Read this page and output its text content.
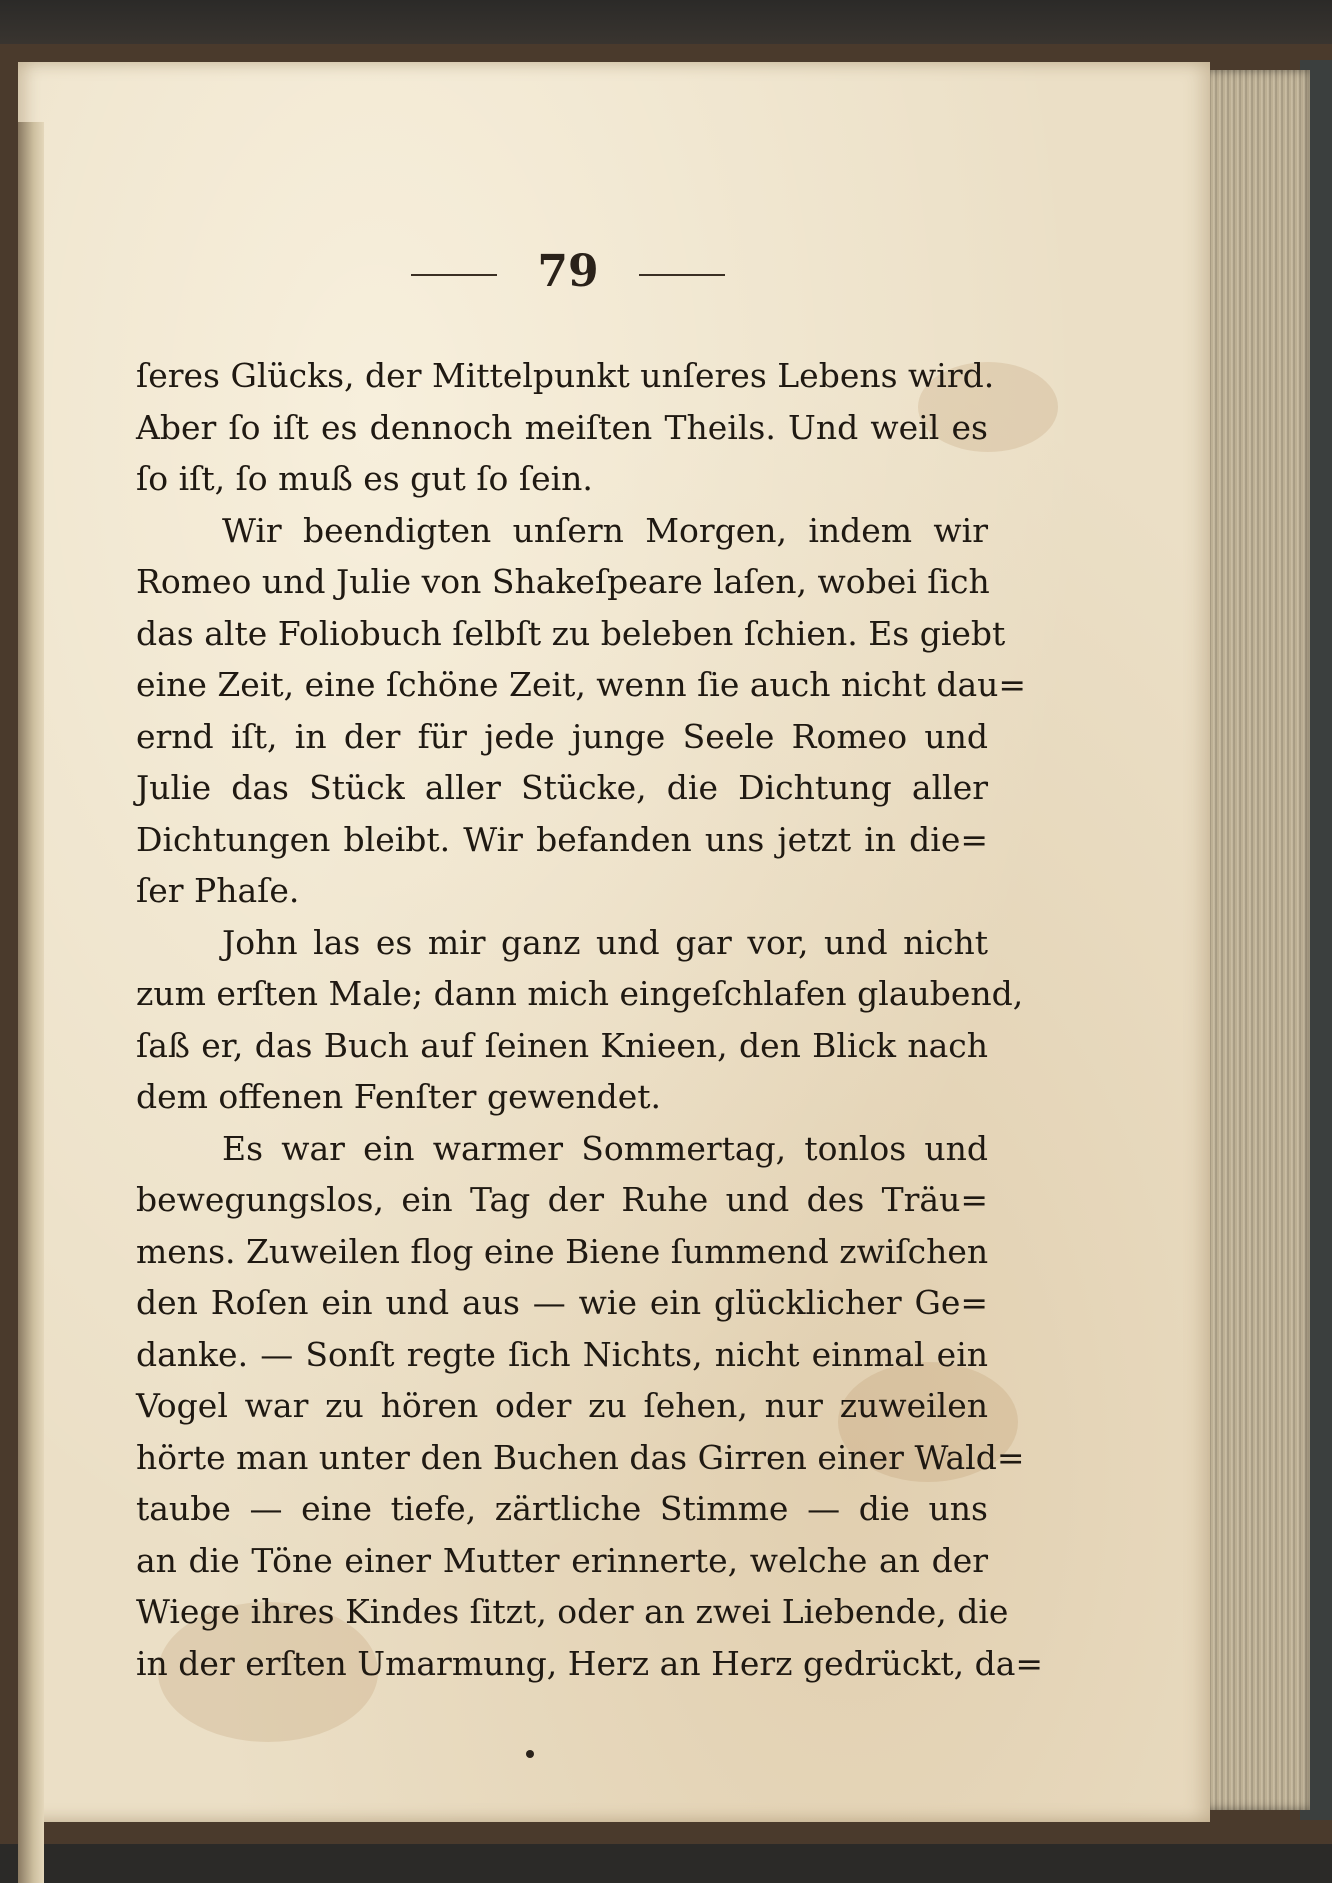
79
ſeres Glücks, der Mittelpunkt unſeres Lebens wird.
Aber ſo iſt es dennoch meiſten Theils. Und weil es
ſo iſt, ſo muß es gut ſo ſein.
Wir beendigten unſern Morgen, indem wir
Romeo und Julie von Shakeſpeare laſen, wobei ſich
das alte Foliobuch ſelbſt zu beleben ſchien. Es giebt
eine Zeit, eine ſchöne Zeit, wenn ſie auch nicht dau=
ernd iſt, in der für jede junge Seele Romeo und
Julie das Stück aller Stücke, die Dichtung aller
Dichtungen bleibt. Wir befanden uns jetzt in die=
ſer Phaſe.
John las es mir ganz und gar vor, und nicht
zum erſten Male; dann mich eingeſchlafen glaubend,
ſaß er, das Buch auf ſeinen Knieen, den Blick nach
dem offenen Fenſter gewendet.
Es war ein warmer Sommertag, tonlos und
bewegungslos, ein Tag der Ruhe und des Träu=
mens. Zuweilen flog eine Biene ſummend zwiſchen
den Roſen ein und aus — wie ein glücklicher Ge=
danke. — Sonſt regte ſich Nichts, nicht einmal ein
Vogel war zu hören oder zu ſehen, nur zuweilen
hörte man unter den Buchen das Girren einer Wald=
taube — eine tiefe, zärtliche Stimme — die uns
an die Töne einer Mutter erinnerte, welche an der
Wiege ihres Kindes ſitzt, oder an zwei Liebende, die
in der erſten Umarmung, Herz an Herz gedrückt, da=
